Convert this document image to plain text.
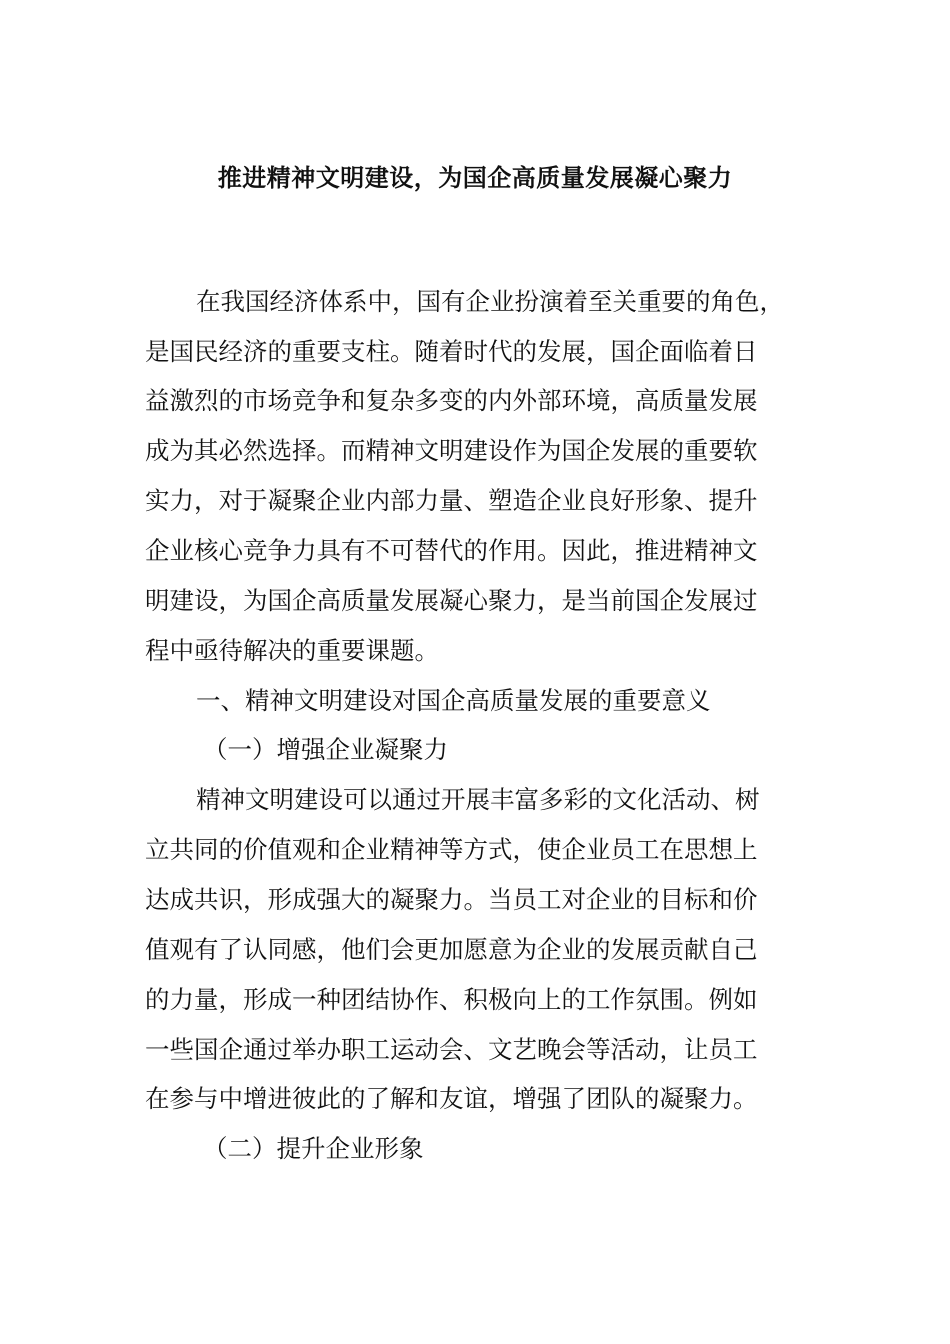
推进精神文明建设，为国企高质量发展凝心聚力

在我国经济体系中，国有企业扮演着至关重要的角色，

是国民经济的重要支柱。随着时代的发展，国企面临着日

益激烈的市场竞争和复杂多变的内外部环境，高质量发展

成为其必然选择。而精神文明建设作为国企发展的重要软

实力，对于凝聚企业内部力量、塑造企业良好形象、提升

企业核心竞争力具有不可替代的作用。因此，推进精神文

明建设，为国企高质量发展凝心聚力，是当前国企发展过

程中亟待解决的重要课题。

一、精神文明建设对国企高质量发展的重要意义

（一）增强企业凝聚力

精神文明建设可以通过开展丰富多彩的文化活动、树

立共同的价值观和企业精神等方式，使企业员工在思想上

达成共识，形成强大的凝聚力。当员工对企业的目标和价

值观有了认同感，他们会更加愿意为企业的发展贡献自己

的力量，形成一种团结协作、积极向上的工作氛围。例如

一些国企通过举办职工运动会、文艺晚会等活动，让员工

在参与中增进彼此的了解和友谊，增强了团队的凝聚力。

（二）提升企业形象
